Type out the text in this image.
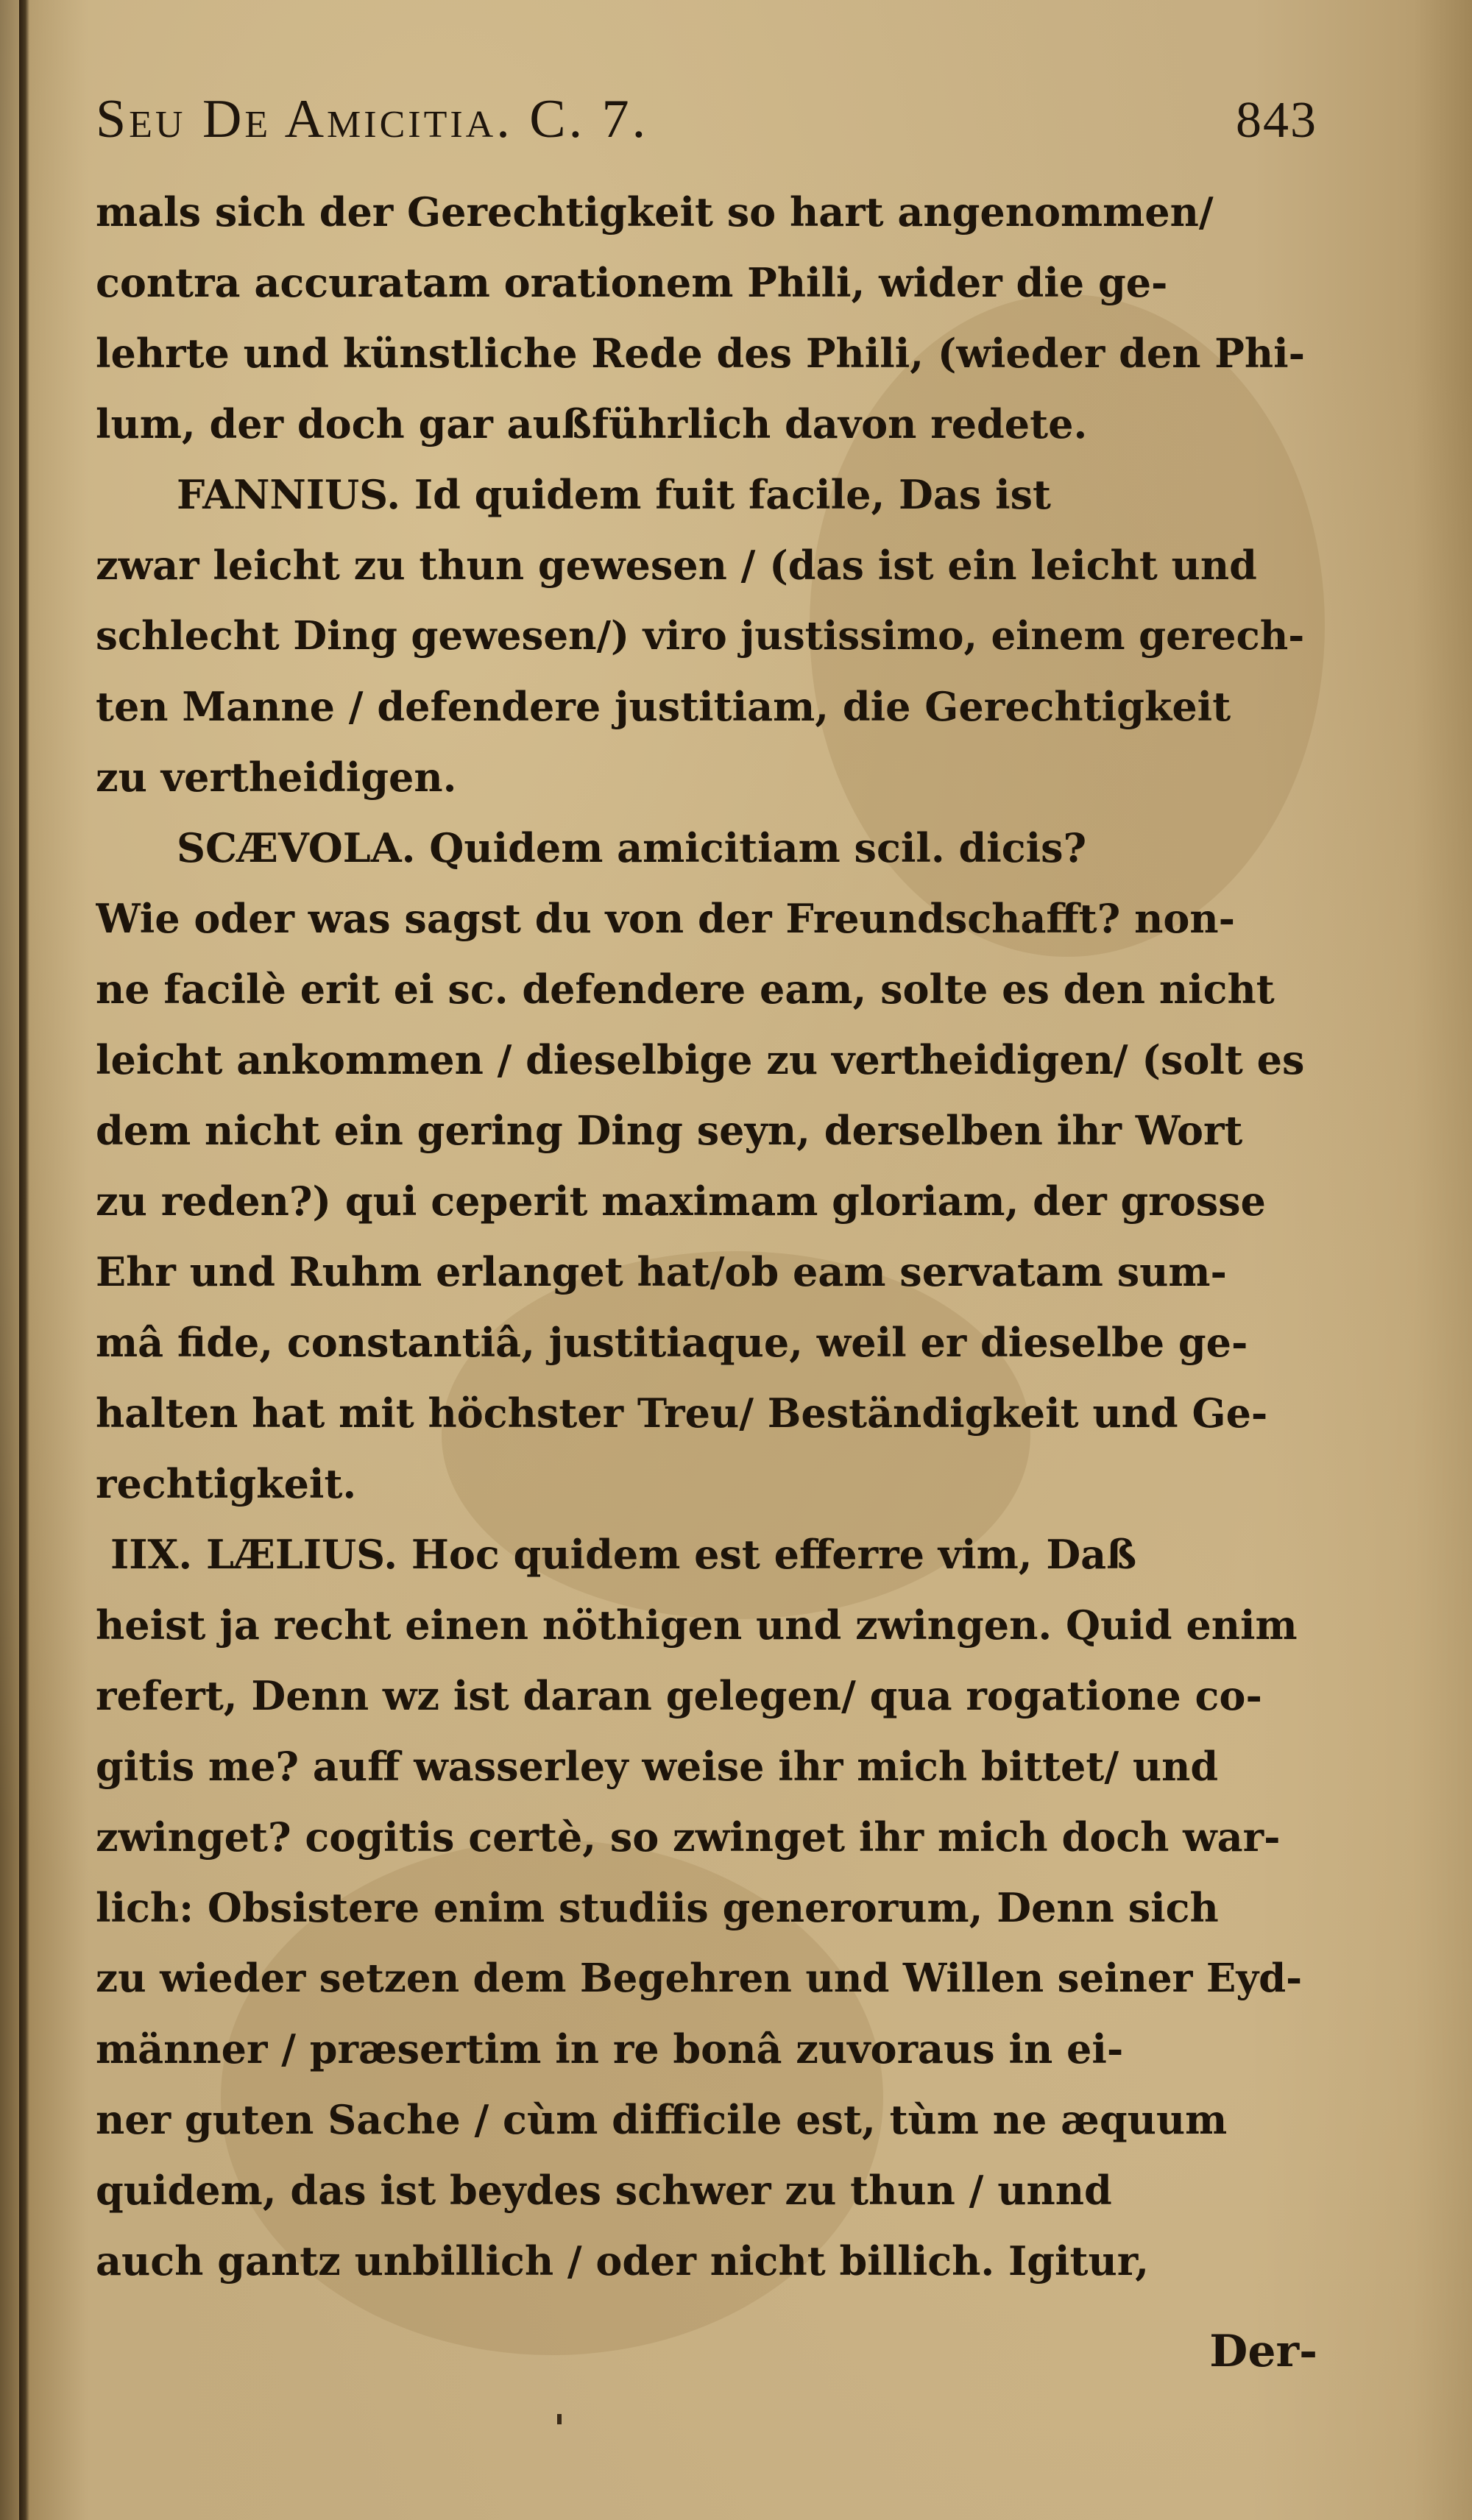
Seu De Amicitia. C. 7.	843
mals sich der Gerechtigkeit so hart angenommen/
contra accuratam orationem Phili, wider die ge-
lehrte und künstliche Rede des Phili, (wieder den Phi-
lum, der doch gar außführlich davon redete.
FANNIUS. Id quidem fuit facile, Das ist
zwar leicht zu thun gewesen / (das ist ein leicht und
schlecht Ding gewesen/) viro justissimo, einem gerech-
ten Manne / defendere justitiam, die Gerechtigkeit
zu vertheidigen.
SCÆVOLA. Quidem amicitiam scil. dicis?
Wie oder was sagst du von der Freundschafft? non-
ne facilè erit ei sc. defendere eam, solte es den nicht
leicht ankommen / dieselbige zu vertheidigen/ (solt es
dem nicht ein gering Ding seyn, derselben ihr Wort
zu reden?) qui ceperit maximam gloriam, der grosse
Ehr und Ruhm erlanget hat/ob eam servatam sum-
mâ fide, constantiâ, justitiaque, weil er dieselbe ge-
halten hat mit höchster Treu/ Beständigkeit und Ge-
rechtigkeit.
IIX. LÆLIUS. Hoc quidem est efferre vim, Daß
heist ja recht einen nöthigen und zwingen. Quid enim
refert, Denn wz ist daran gelegen/ qua rogatione co-
gitis me? auff wasserley weise ihr mich bittet/ und
zwinget? cogitis certè, so zwinget ihr mich doch war-
lich: Obsistere enim studiis generorum, Denn sich
zu wieder setzen dem Begehren und Willen seiner Eyd-
männer / præsertim in re bonâ zuvoraus in ei-
ner guten Sache / cùm difficile est, tùm ne æquum
quidem, das ist beydes schwer zu thun / unnd
auch gantz unbillich / oder nicht billich. Igitur,
Der-
